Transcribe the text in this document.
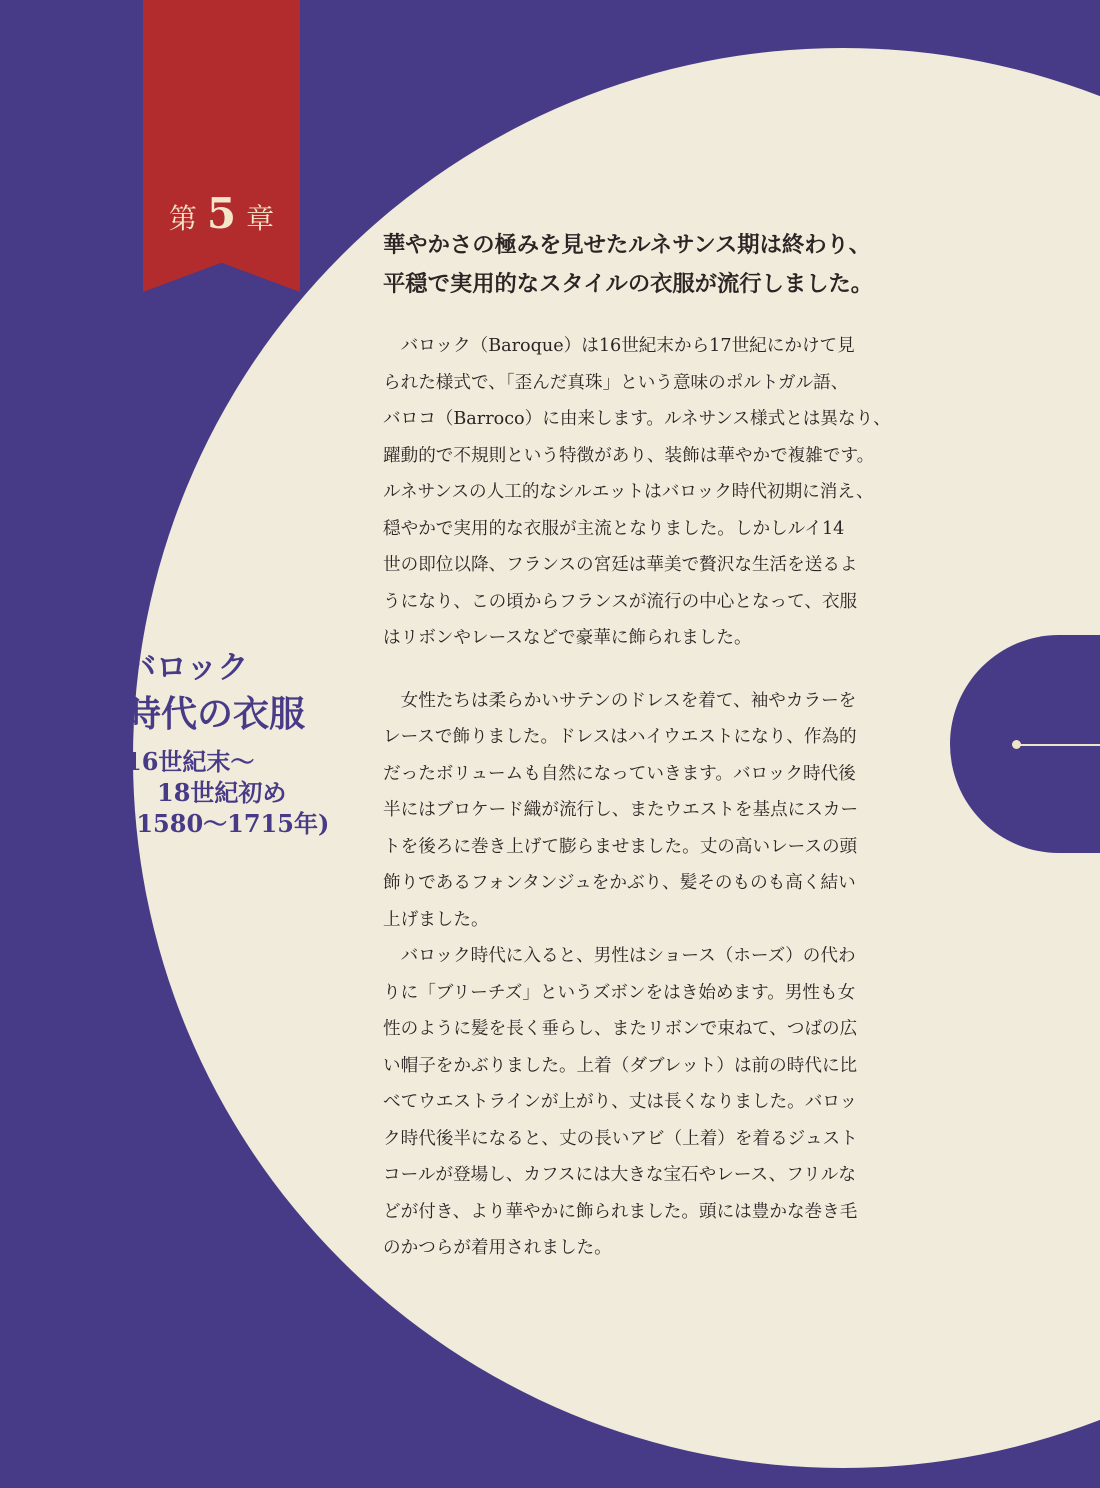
第 5 章
バロック
時代の衣服
16世紀末〜
18世紀初め
(1580〜1715年)
華やかさの極みを見せたルネサンス期は終わり、
平穏で実用的なスタイルの衣服が流行しました。
　バロック（Baroque）は16世紀末から17世紀にかけて見
られた様式で、「歪んだ真珠」という意味のポルトガル語、
バロコ（Barroco）に由来します。ルネサンス様式とは異なり、
躍動的で不規則という特徴があり、装飾は華やかで複雑です。
ルネサンスの人工的なシルエットはバロック時代初期に消え、
穏やかで実用的な衣服が主流となりました。しかしルイ14
世の即位以降、フランスの宮廷は華美で贅沢な生活を送るよ
うになり、この頃からフランスが流行の中心となって、衣服
はリボンやレースなどで豪華に飾られました。
　女性たちは柔らかいサテンのドレスを着て、袖やカラーを
レースで飾りました。ドレスはハイウエストになり、作為的
だったボリュームも自然になっていきます。バロック時代後
半にはブロケード織が流行し、またウエストを基点にスカー
トを後ろに巻き上げて膨らませました。丈の高いレースの頭
飾りであるフォンタンジュをかぶり、髪そのものも高く結い
上げました。
　バロック時代に入ると、男性はショース（ホーズ）の代わ
りに「ブリーチズ」というズボンをはき始めます。男性も女
性のように髪を長く垂らし、またリボンで束ねて、つばの広
い帽子をかぶりました。上着（ダブレット）は前の時代に比
べてウエストラインが上がり、丈は長くなりました。バロッ
ク時代後半になると、丈の長いアビ（上着）を着るジュスト
コールが登場し、カフスには大きな宝石やレース、フリルな
どが付き、より華やかに飾られました。頭には豊かな巻き毛
のかつらが着用されました。
